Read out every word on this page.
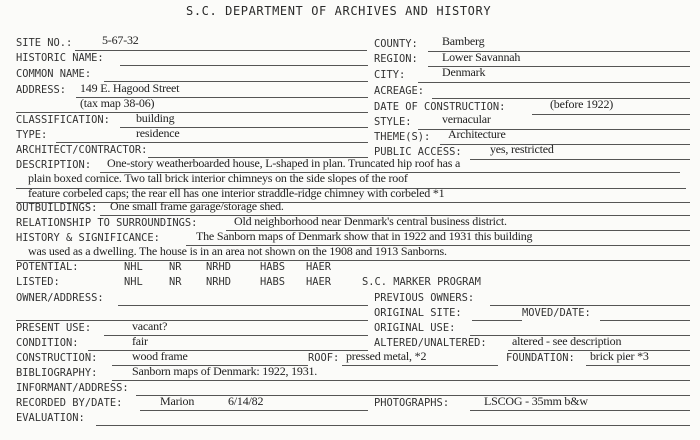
S.C. DEPARTMENT OF ARCHIVES AND HISTORY
SITE NO.: 5-67-32	COUNTY: Bamberg
HISTORIC NAME:	REGION: Lower Savannah
COMMON NAME:	CITY:	Denmark
ADDRESS: 149 E. Hagood Street	ACREAGE:
(tax map 38-06)	DATE OF CONSTRUCTION:	(before 1922)
CLASSIFICATION: building	STYLE:	vernacular
TYPE:	residence	THEME(S): Architecture
ARCHITECT/CONTRACTOR:	PUBLIC ACCESS: yes, restricted
DESCRIPTION: One-story weatherboarded house, L-shaped in plan. Truncated hip roof has a
plain boxed cornice. Two tall brick interior chimneys on the side slopes of the roof
feature corbeled caps; the rear ell has one interior straddle-ridge chimney with corbeled *1
OUTBUILDINGS: One small frame garage/storage shed.
RELATIONSHIP TO SURROUNDINGS:	Old neighborhood near Denmark's central business district.
HISTORY & SIGNIFICANCE:	The Sanborn maps of Denmark show that in 1922 and 1931 this building
was used as a dwelling. The house is in an area not shown on the 1908 and 1913 Sanborns.
POTENTIAL:	NHL	NR NRHD	HABS HAER
LISTED:	NHL	NR NRHD	HABS HAER	S.C. MARKER PROGRAM
OWNER/ADDRESS:	PREVIOUS OWNERS:
ORIGINAL SITE:	MOVED/DATE:
PRESENT USE:	vacant?	ORIGINAL USE:
CONDITION:	fair	ALTERED/UNALTERED: altered - see description
CONSTRUCTION:	wood frame	ROOF: pressed metal, *2	FOUNDATION: brick pier *3
BIBLIOGRAPHY:	Sanborn maps of Denmark: 1922, 1931.
INFORMANT/ADDRESS:
RECORDED BY/DATE:	Marion	6/14/82	PHOTOGRAPHS:	LSCOG - 35mm b&w
EVALUATION:
